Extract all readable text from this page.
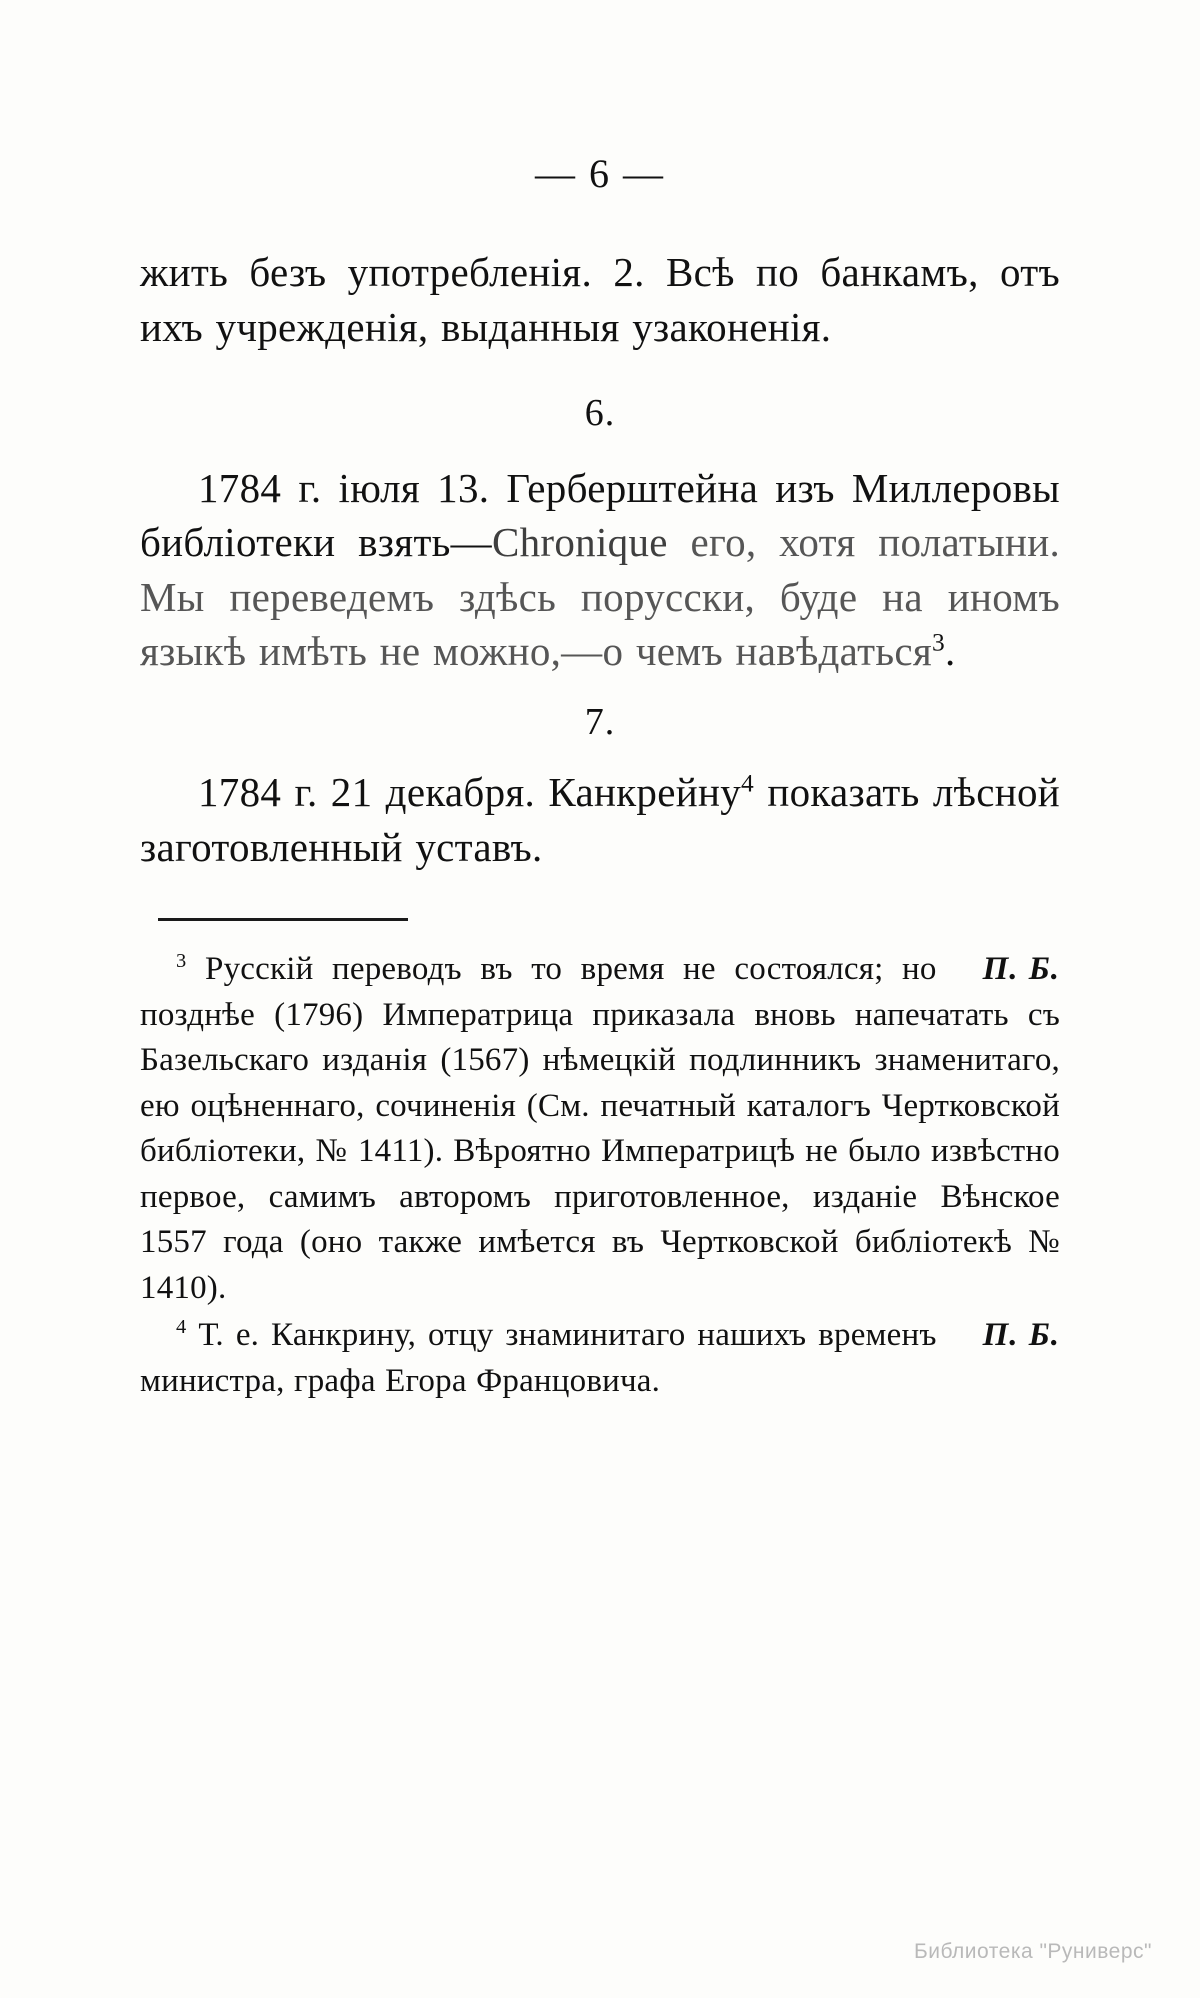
— 6 —

жить безъ употребленія. 2. Всѣ по банкамъ, отъ ихъ учрежденія, выданныя узаконенія.

6.

1784 г. іюля 13. Герберштейна изъ Миллеровы библіотеки взять—Chronique его, хотя полатыни. Мы переведемъ здѣсь порусски, буде на иномъ языкѣ имѣть не можно,—о чемъ навѣдаться$^3$.

7.

1784 г. 21 декабря. Канкрейну$^4$ показать лѣсной заготовленный уставъ.

П. Б.
$^3$ Русскій переводъ въ то время не состоялся; но позднѣе (1796) Императрица приказала вновь напечатать съ Базельскаго изданія (1567) нѣмецкій подлинникъ знаменитаго, ею оцѣненнаго, сочиненія (См. печатный каталогъ Чертковской библіотеки, № 1411). Вѣроятно Императрицѣ не было извѣстно первое, самимъ авторомъ приготовленное, изданіе Вѣнское 1557 года (оно также имѣется въ Чертковской библіотекѣ № 1410).

П. Б.
$^4$ Т. е. Канкрину, отцу знаминитаго нашихъ временъ министра, графа Егора Францовича.

Библиотека "Руниверс"
